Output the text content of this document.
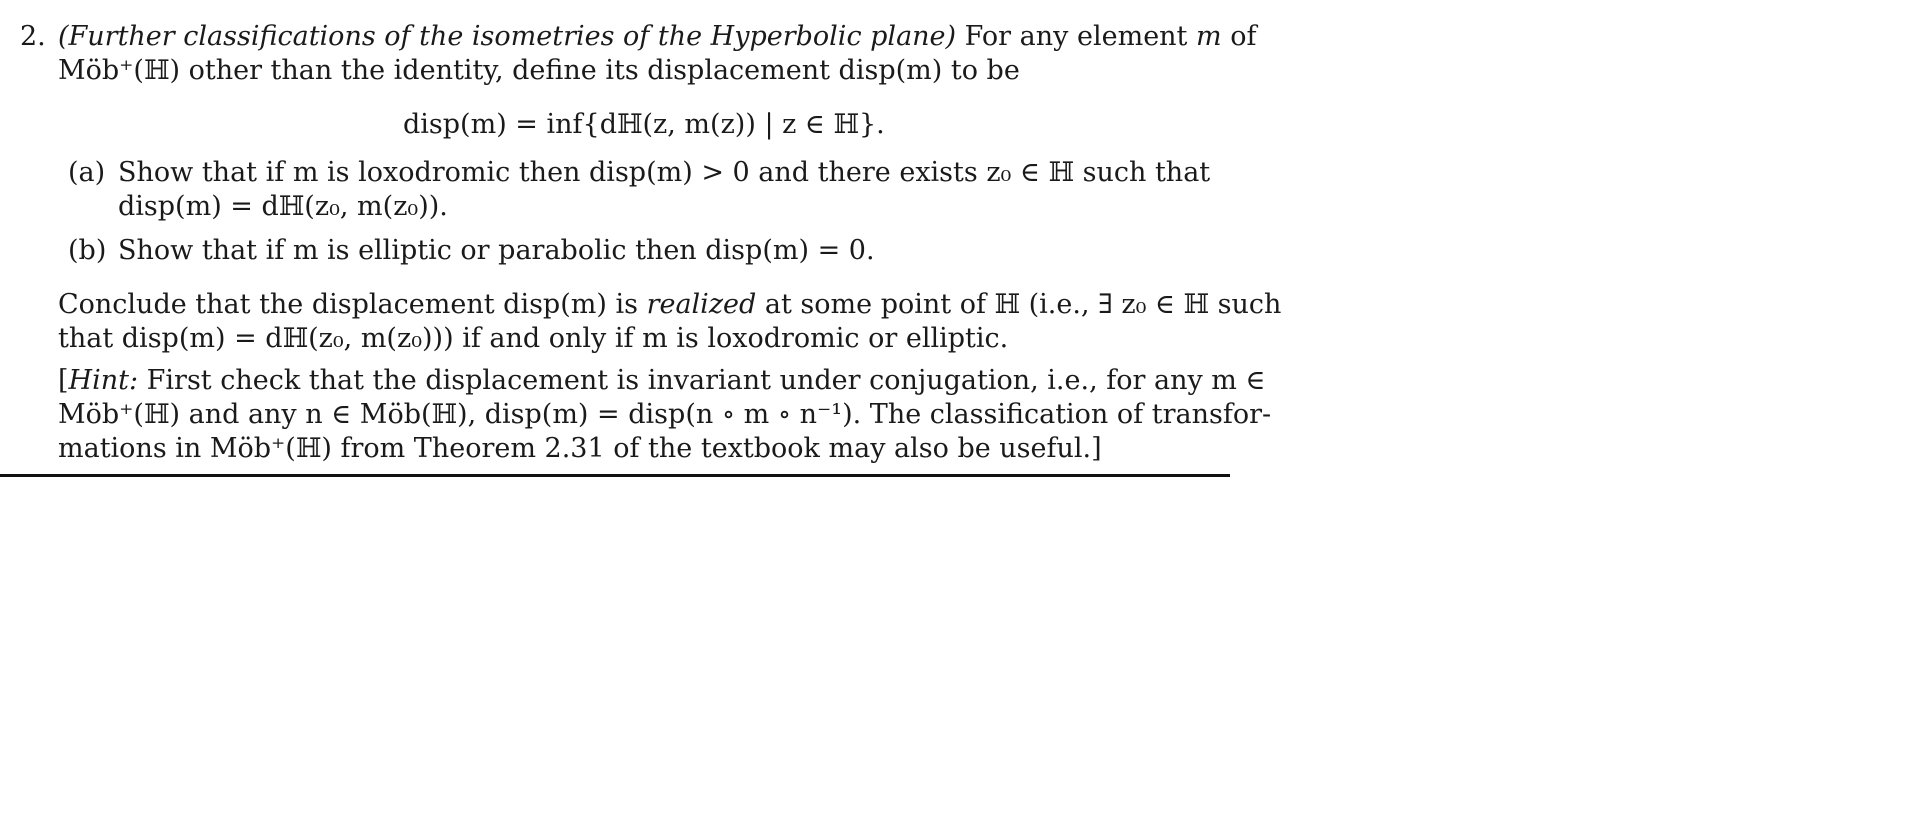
2. (Further classifications of the isometries of the Hyperbolic plane) For any element m of
Möb⁺(ℍ) other than the identity, define its displacement disp(m) to be
disp(m) = inf{dℍ(z, m(z)) | z ∈ ℍ}.
(a) Show that if m is loxodromic then disp(m) > 0 and there exists z₀ ∈ ℍ such that
disp(m) = dℍ(z₀, m(z₀)).
(b) Show that if m is elliptic or parabolic then disp(m) = 0.
Conclude that the displacement disp(m) is realized at some point of ℍ (i.e., ∃ z₀ ∈ ℍ such
that disp(m) = dℍ(z₀, m(z₀))) if and only if m is loxodromic or elliptic.
[Hint: First check that the displacement is invariant under conjugation, i.e., for any m ∈
Möb⁺(ℍ) and any n ∈ Möb(ℍ), disp(m) = disp(n ∘ m ∘ n⁻¹). The classification of transfor-
mations in Möb⁺(ℍ) from Theorem 2.31 of the textbook may also be useful.]
